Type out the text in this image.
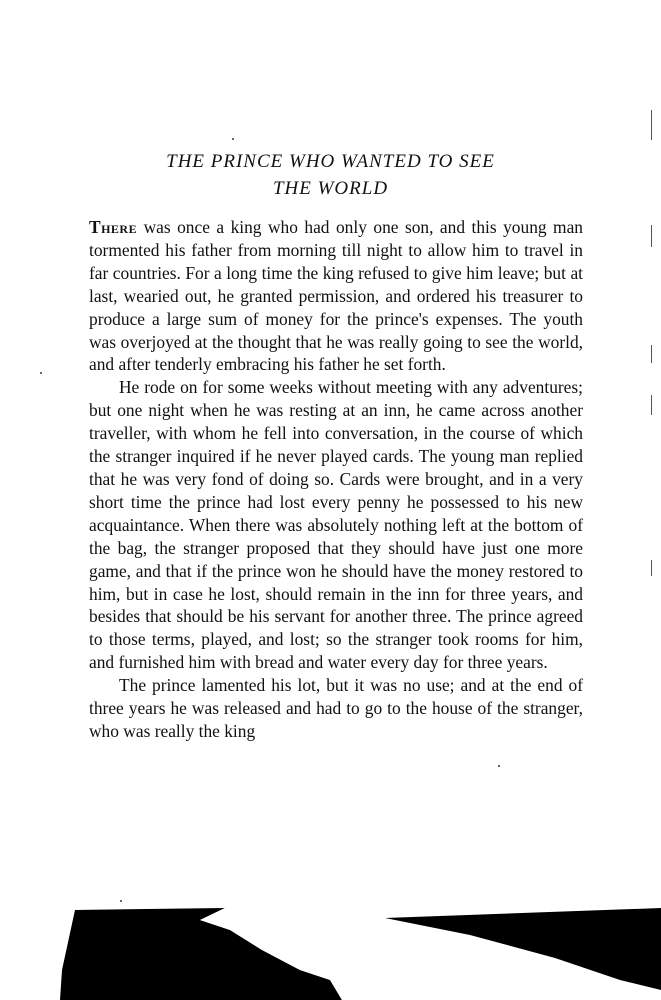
THE PRINCE WHO WANTED TO SEE
THE WORLD

There was once a king who had only one son, and this young man tormented his father from morning till night to allow him to travel in far countries. For a long time the king refused to give him leave; but at last, wearied out, he granted permission, and ordered his treasurer to produce a large sum of money for the prince's expenses. The youth was overjoyed at the thought that he was really going to see the world, and after tenderly embracing his father he set forth.

He rode on for some weeks without meeting with any adventures; but one night when he was resting at an inn, he came across another traveller, with whom he fell into conversation, in the course of which the stranger inquired if he never played cards. The young man replied that he was very fond of doing so. Cards were brought, and in a very short time the prince had lost every penny he possessed to his new acquaintance. When there was absolutely nothing left at the bottom of the bag, the stranger proposed that they should have just one more game, and that if the prince won he should have the money restored to him, but in case he lost, should remain in the inn for three years, and besides that should be his servant for another three. The prince agreed to those terms, played, and lost; so the stranger took rooms for him, and furnished him with bread and water every day for three years.

The prince lamented his lot, but it was no use; and at the end of three years he was released and had to go to the house of the stranger, who was really the king
